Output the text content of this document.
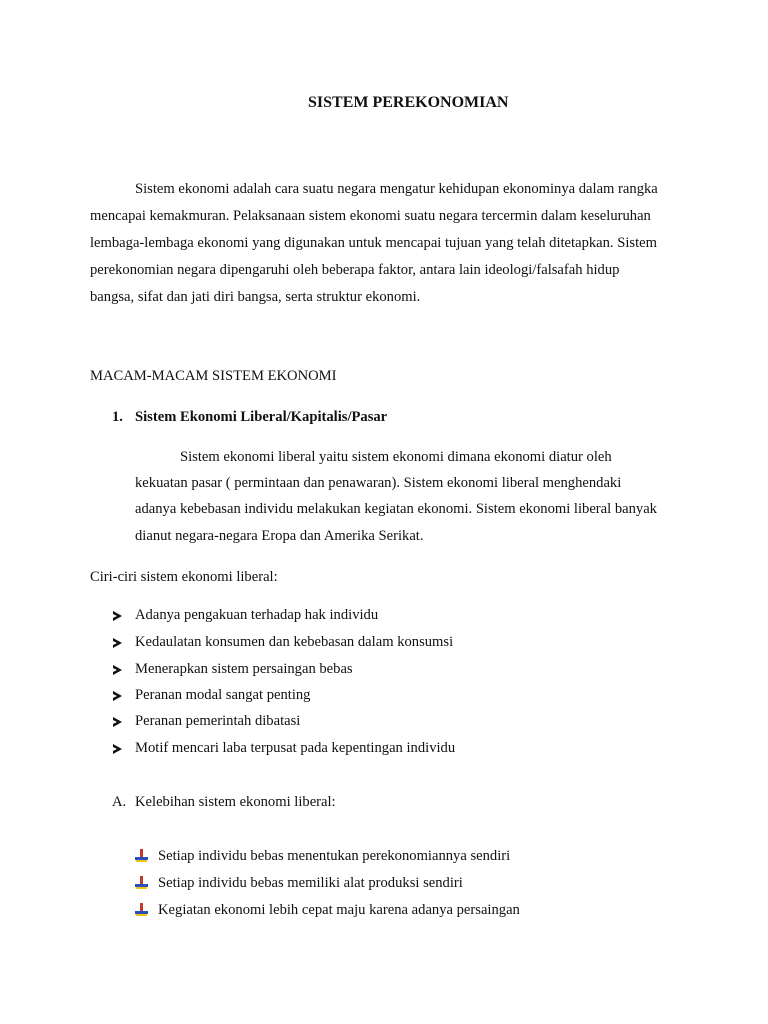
SISTEM PEREKONOMIAN
Sistem ekonomi adalah cara suatu negara mengatur kehidupan ekonominya dalam rangka
mencapai kemakmuran. Pelaksanaan sistem ekonomi suatu negara tercermin dalam keseluruhan
lembaga-lembaga ekonomi yang digunakan untuk mencapai tujuan yang telah ditetapkan. Sistem
perekonomian negara dipengaruhi oleh beberapa faktor, antara lain ideologi/falsafah hidup
bangsa, sifat dan jati diri bangsa, serta struktur ekonomi.
MACAM-MACAM SISTEM EKONOMI
1. Sistem Ekonomi Liberal/Kapitalis/Pasar
Sistem ekonomi liberal yaitu sistem ekonomi dimana ekonomi diatur oleh
kekuatan pasar ( permintaan dan penawaran). Sistem ekonomi liberal menghendaki
adanya kebebasan individu melakukan kegiatan ekonomi. Sistem ekonomi liberal banyak
dianut negara-negara Eropa dan Amerika Serikat.
Ciri-ciri sistem ekonomi liberal:
Adanya pengakuan terhadap hak individu
Kedaulatan konsumen dan kebebasan dalam konsumsi
Menerapkan sistem persaingan bebas
Peranan modal sangat penting
Peranan pemerintah dibatasi
Motif mencari laba terpusat pada kepentingan individu
A. Kelebihan sistem ekonomi liberal:
Setiap individu bebas menentukan perekonomiannya sendiri
Setiap individu bebas memiliki alat produksi sendiri
Kegiatan ekonomi lebih cepat maju karena adanya persaingan
